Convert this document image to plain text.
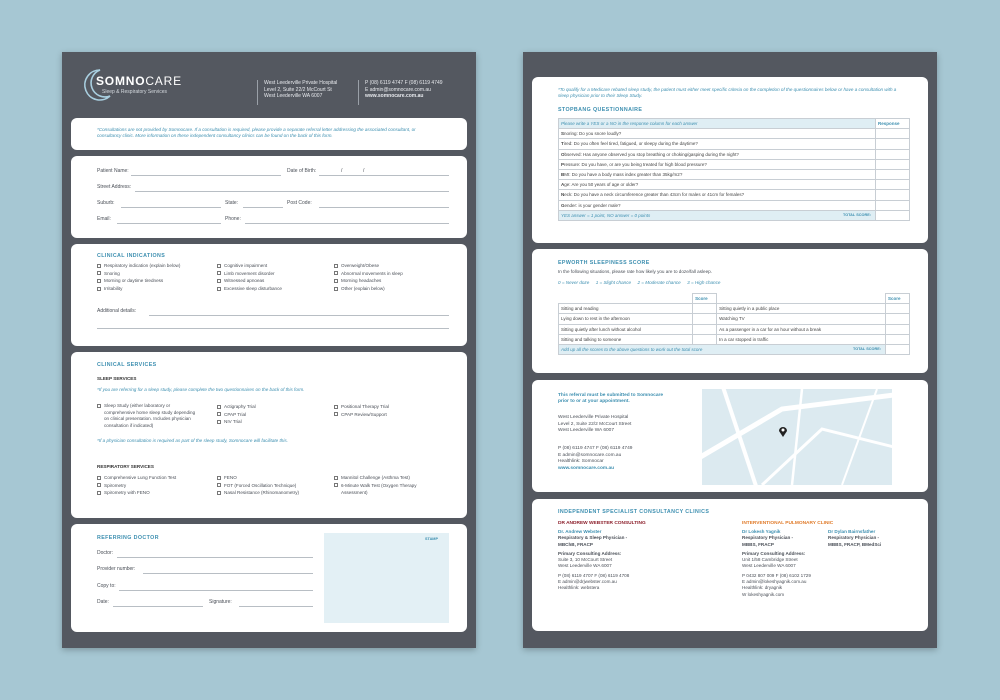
SOMNOCARE
Sleep & Respiratory Services
West Leederville Private Hospital
Level 2, Suite 22/2 McCourt St
West Leederville WA 6007
P (08) 6119 4747 F (08) 6119 4749
E admin@somnocare.com.au
www.somnocare.com.au
*Consultations are not provided by Somnocare. If a consultation is required, please provide a separate referral letter addressing the associated consultant, or consultancy clinic. More information on these independent consultancy clinics can be found on the back of this form.
Patient Name:	Date of Birth:	/	/
Street Address:
Suburb:	State:	Post Code:
Email:	Phone:
CLINICAL INDICATIONS
Respiratory indication (explain below)
Snoring
Morning or daytime tiredness
Irritability
Cognitive impairment
Limb movement disorder
Witnessed apnoeas
Excessive sleep disturbance
Overweight/Obese
Abnormal movements in sleep
Morning headaches
Other (explain below)
Additional details:
CLINICAL SERVICES
SLEEP SERVICES
*If you are referring for a sleep study, please complete the two questionnaires on the back of this form.
Sleep Study (either laboratory or
comprehensive home sleep study depending
on clinical presentation. Includes physician
consultation if indicated)
Actigraphy Trial
CPAP Trial
NIV Trial
Positional Therapy Trial
CPAP Review/Support
*If a physician consultation is required as part of the sleep study, Somnocare will facilitate this.
RESPIRATORY SERVICES
Comprehensive Lung Function Test
Spirometry
Spirometry with FENO
FENO
FOT (Forced Oscillation Technique)
Nasal Resistance (Rhinomanometry)
Mannitol Challenge (Asthma Test)
6-Minute Walk Test (Oxygen Therapy
Assessment)
REFERRING DOCTOR	STAMP
Doctor:
Provider number:
Copy to:
Date:	Signature:
*To qualify for a Medicare rebated sleep study, the patient must either meet specific criteria on the completion of the questionnaires below or have a consultation with a sleep physician prior to their Sleep Study.
STOPBANG QUESTIONNAIRE
Please write a YES or a NO in the response column for each answer	Response
Snoring: Do you snore loudly?	
Tired: Do you often feel tired, fatigued, or sleepy during the daytime?	
Observed: Has anyone observed you stop breathing or choking/gasping during the night?	
Pressure: Do you have, or are you being treated for high blood pressure?	
BMI: Do you have a body mass index greater than 35kg/m2?	
Age: Are you 50 years of age or older?	
Neck: Do you have a neck circumference greater than 43cm for males or 41cm for females?	
Gender: is your gender male?	
YES answer = 1 point, NO answer = 0 points TOTAL SCORE:	

EPWORTH SLEEPINESS SCORE
In the following situations, please rate how likely you are to doze/fall asleep.
0 = Never doze 1 = Slight chance 2 = Moderate chance 3 = High chance
	Score		Score
Sitting and reading		Sitting quietly in a public place	
Lying down to rest in the afternoon		Watching TV	
Sitting quietly after lunch without alcohol		As a passenger in a car for an hour without a break	
Sitting and talking to someone		In a car stopped in traffic	
Add up all the scores to the above questions to work out the total score TOTAL SCORE:			

This referral must be submitted to Somnocare
prior to or at your appointment.
West Leederville Private Hospital
Level 2, Suite 22/2 McCourt Street
West Leederville WA 6007
P (08) 6119 4747 F (08) 6119 4749
E admin@somnocare.com.au
Healthlink: Somnocar
www.somnocare.com.au
INDEPENDENT SPECIALIST CONSULTANCY CLINICS
DR ANDREW WEBSTER CONSULTING
Dr. Andrew Webster
Respiratory & Sleep Physician -
MBChB, FRACP
Primary Consulting Address:
Suite 3, 10 McCourt Street
West Leederville WA 6007
P (08) 6119 4707 F (08) 6119 4708
E admin@drjwebster.com.au
Healthlink: webstera
INTERVENTIONAL PULMONARY CLINIC
Dr Lokesh Yagnik
Respiratory Physician -
MBBS, FRACP
Primary Consulting Address:
Unit 1/58 Cambridge Street
West Leederville WA 6007
P 0432 807 009 F (08) 6102 1729
E admin@lokeshyagnik.com.au
Healthlink: dryagnik
W lokeshyagnik.com
Dr Dylan Bairnsfather
Respiratory Physician -
MBBS, FRACP, BMedSci
